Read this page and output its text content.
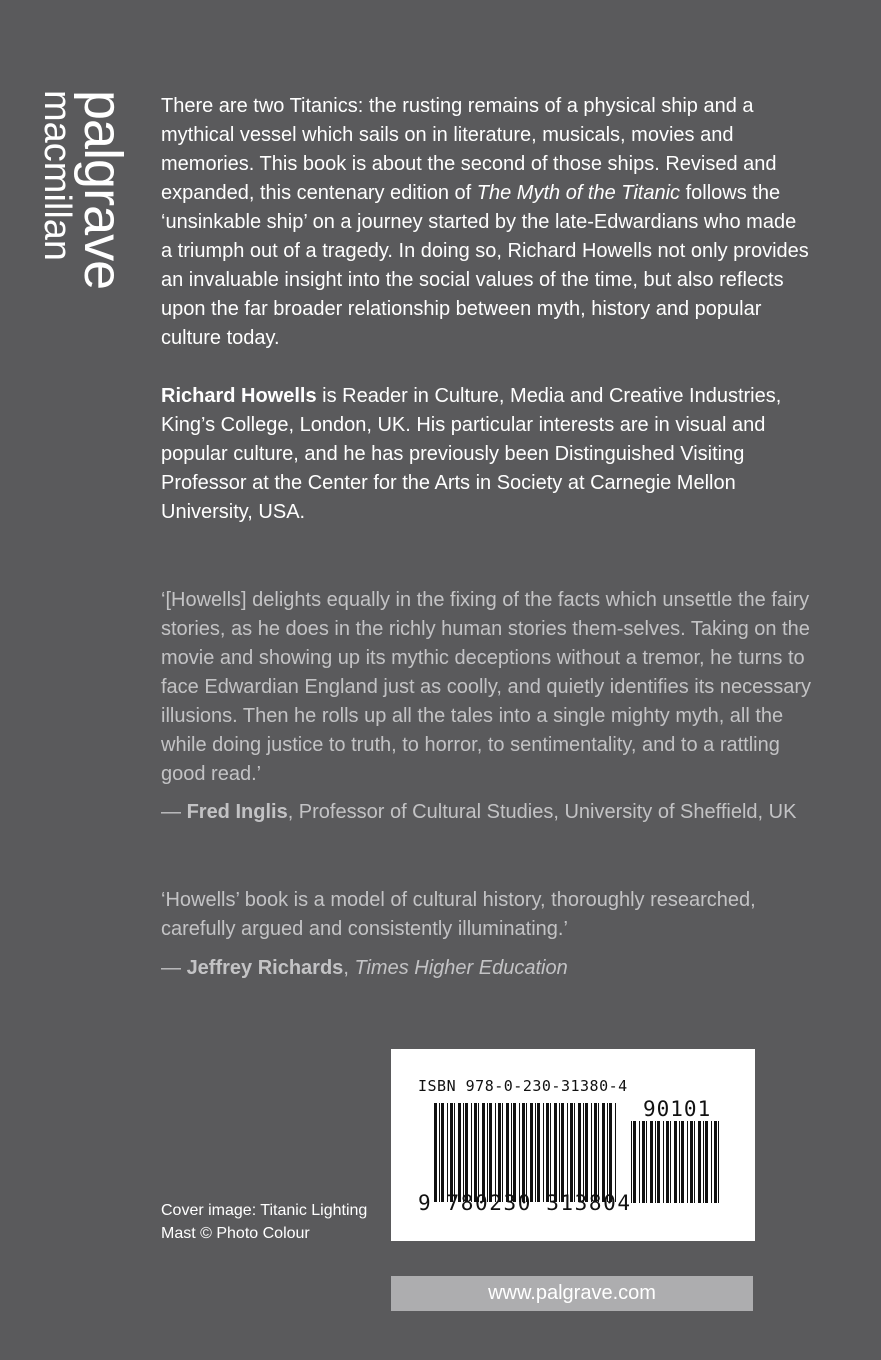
palgrave
macmillan	There are two Titanics: the rusting remains of a physical ship and a mythical vessel which sails on in literature, musicals, movies and memories. This book is about the second of those ships. Revised and expanded, this centenary edition of The Myth of the Titanic follows the ‘unsinkable ship’ on a journey started by the late-Edwardians who made a triumph out of a tragedy. In doing so, Richard Howells not only provides an invaluable insight into the social values of the time, but also reflects upon the far broader relationship between myth, history and popular culture today.
Richard Howells is Reader in Culture, Media and Creative Industries, King’s College, London, UK. His particular interests are in visual and popular culture, and he has previously been Distinguished Visiting Professor at the Center for the Arts in Society at Carnegie Mellon University, USA.
‘[Howells] delights equally in the fixing of the facts which unsettle the fairy stories, as he does in the richly human stories them-selves. Taking on the movie and showing up its mythic deceptions without a tremor, he turns to face Edwardian England just as coolly, and quietly identifies its necessary illusions. Then he rolls up all the tales into a single mighty myth, all the while doing justice to truth, to horror, to sentimentality, and to a rattling good read.’
— Fred Inglis, Professor of Cultural Studies, University of Sheffield, UK
‘Howells’ book is a model of cultural history, thoroughly researched, carefully argued and consistently illuminating.’
— Jeffrey Richards, Times Higher Education
Cover image: Titanic Lighting Mast © Photo Colour
ISBN 978-0-230-31380-4
90101
9 780230 313804
www.palgrave.com
